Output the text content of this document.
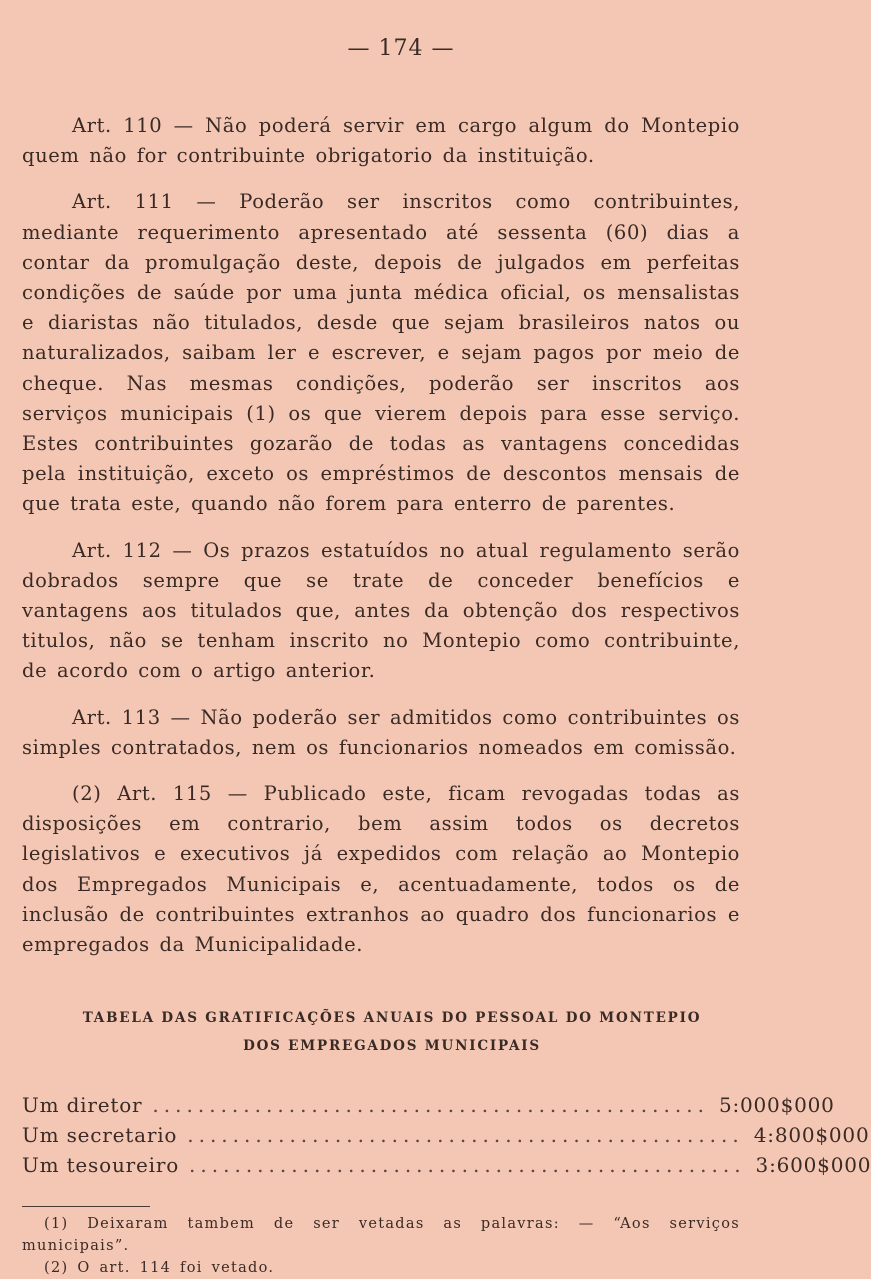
— 174 —

Art. 110 — Não poderá servir em cargo algum do Montepio quem não for contribuinte obrigatorio da instituição.

Art. 111 — Poderão ser inscritos como contribuintes, mediante requerimento apresentado até sessenta (60) dias a contar da promulgação deste, depois de julgados em perfeitas condições de saúde por uma junta médica oficial, os mensalistas e diaristas não titulados, desde que sejam brasileiros natos ou naturalizados, saibam ler e escrever, e sejam pagos por meio de cheque. Nas mesmas condições, poderão ser inscritos aos serviços municipais (1) os que vierem depois para esse serviço. Estes contribuintes gozarão de todas as vantagens concedidas pela instituição, exceto os empréstimos de descontos mensais de que trata este, quando não forem para enterro de parentes.

Art. 112 — Os prazos estatuídos no atual regulamento serão dobrados sempre que se trate de conceder benefícios e vantagens aos titulados que, antes da obtenção dos respectivos titulos, não se tenham inscrito no Montepio como contribuinte, de acordo com o artigo anterior.

Art. 113 — Não poderão ser admitidos como contribuintes os simples contratados, nem os funcionarios nomeados em comissão.

(2) Art. 115 — Publicado este, ficam revogadas todas as disposições em contrario, bem assim todos os decretos legislativos e executivos já expedidos com relação ao Montepio dos Empregados Municipais e, acentuadamente, todos os de inclusão de contribuintes extranhos ao quadro dos funcionarios e empregados da Municipalidade.

TABELA DAS GRATIFICAÇÕES ANUAIS DO PESSOAL DO MONTEPIO
DOS EMPREGADOS MUNICIPAIS
Um diretor ................................................. 5:000$000
Um secretario ................................................. 4:800$000
Um tesoureiro ................................................. 3:600$000

(1) Deixaram tambem de ser vetadas as palavras: — “Aos serviços municipais”.

(2) O art. 114 foi vetado.
